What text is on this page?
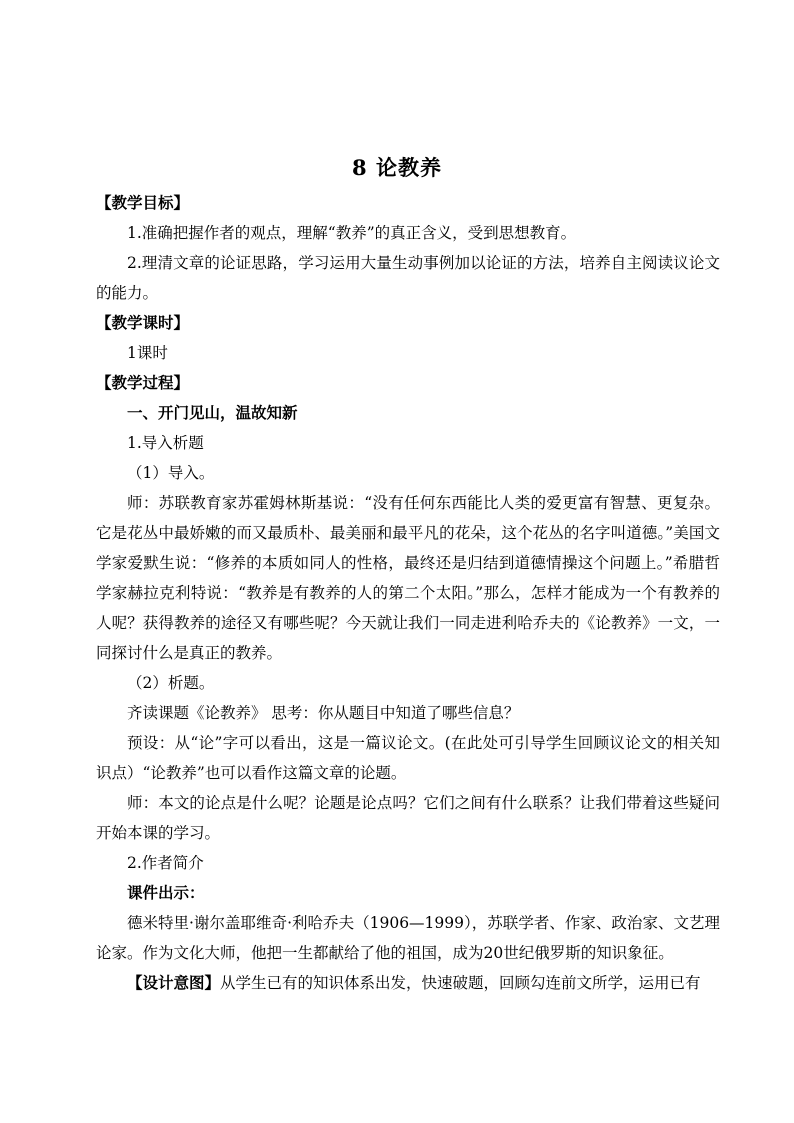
8 论教养

【教学目标】

1.准确把握作者的观点，理解“教养”的真正含义，受到思想教育。

2.理清文章的论证思路，学习运用大量生动事例加以论证的方法，培养自主阅读议论文的能力。

【教学课时】

1课时

【教学过程】

一、开门见山，温故知新

1.导入析题

（1）导入。

师：苏联教育家苏霍姆林斯基说：“没有任何东西能比人类的爱更富有智慧、更复杂。它是花丛中最娇嫩的而又最质朴、最美丽和最平凡的花朵，这个花丛的名字叫道德。”美国文学家爱默生说：“修养的本质如同人的性格，最终还是归结到道德情操这个问题上。”希腊哲学家赫拉克利特说：“教养是有教养的人的第二个太阳。”那么，怎样才能成为一个有教养的人呢？获得教养的途径又有哪些呢？今天就让我们一同走进利哈乔夫的《论教养》一文，一同探讨什么是真正的教养。

（2）析题。

齐读课题《论教养》 思考：你从题目中知道了哪些信息？

预设：从“论”字可以看出，这是一篇议论文。(在此处可引导学生回顾议论文的相关知识点）“论教养”也可以看作这篇文章的论题。

师：本文的论点是什么呢？论题是论点吗？它们之间有什么联系？让我们带着这些疑问开始本课的学习。

2.作者简介

课件出示：

德米特里·谢尔盖耶维奇·利哈乔夫（1906—1999），苏联学者、作家、政治家、文艺理论家。作为文化大师，他把一生都献给了他的祖国，成为20世纪俄罗斯的知识象征。

【设计意图】从学生已有的知识体系出发，快速破题，回顾勾连前文所学，运用已有
